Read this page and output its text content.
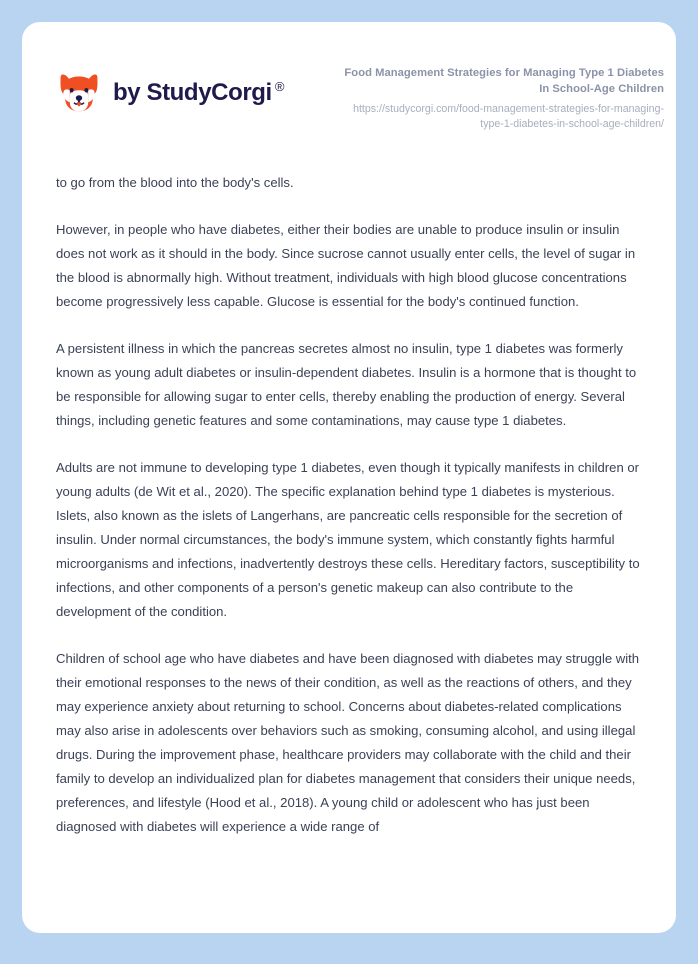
by StudyCorgi ®

Food Management Strategies for Managing Type 1 Diabetes In School-Age Children

https://studycorgi.com/food-management-strategies-for-managing-type-1-diabetes-in-school-age-children/

to go from the blood into the body's cells.

However, in people who have diabetes, either their bodies are unable to produce insulin or insulin does not work as it should in the body. Since sucrose cannot usually enter cells, the level of sugar in the blood is abnormally high. Without treatment, individuals with high blood glucose concentrations become progressively less capable. Glucose is essential for the body's continued function.

A persistent illness in which the pancreas secretes almost no insulin, type 1 diabetes was formerly known as young adult diabetes or insulin-dependent diabetes. Insulin is a hormone that is thought to be responsible for allowing sugar to enter cells, thereby enabling the production of energy. Several things, including genetic features and some contaminations, may cause type 1 diabetes.

Adults are not immune to developing type 1 diabetes, even though it typically manifests in children or young adults (de Wit et al., 2020). The specific explanation behind type 1 diabetes is mysterious. Islets, also known as the islets of Langerhans, are pancreatic cells responsible for the secretion of insulin. Under normal circumstances, the body's immune system, which constantly fights harmful microorganisms and infections, inadvertently destroys these cells. Hereditary factors, susceptibility to infections, and other components of a person's genetic makeup can also contribute to the development of the condition.

Children of school age who have diabetes and have been diagnosed with diabetes may struggle with their emotional responses to the news of their condition, as well as the reactions of others, and they may experience anxiety about returning to school. Concerns about diabetes-related complications may also arise in adolescents over behaviors such as smoking, consuming alcohol, and using illegal drugs. During the improvement phase, healthcare providers may collaborate with the child and their family to develop an individualized plan for diabetes management that considers their unique needs, preferences, and lifestyle (Hood et al., 2018). A young child or adolescent who has just been diagnosed with diabetes will experience a wide range of
